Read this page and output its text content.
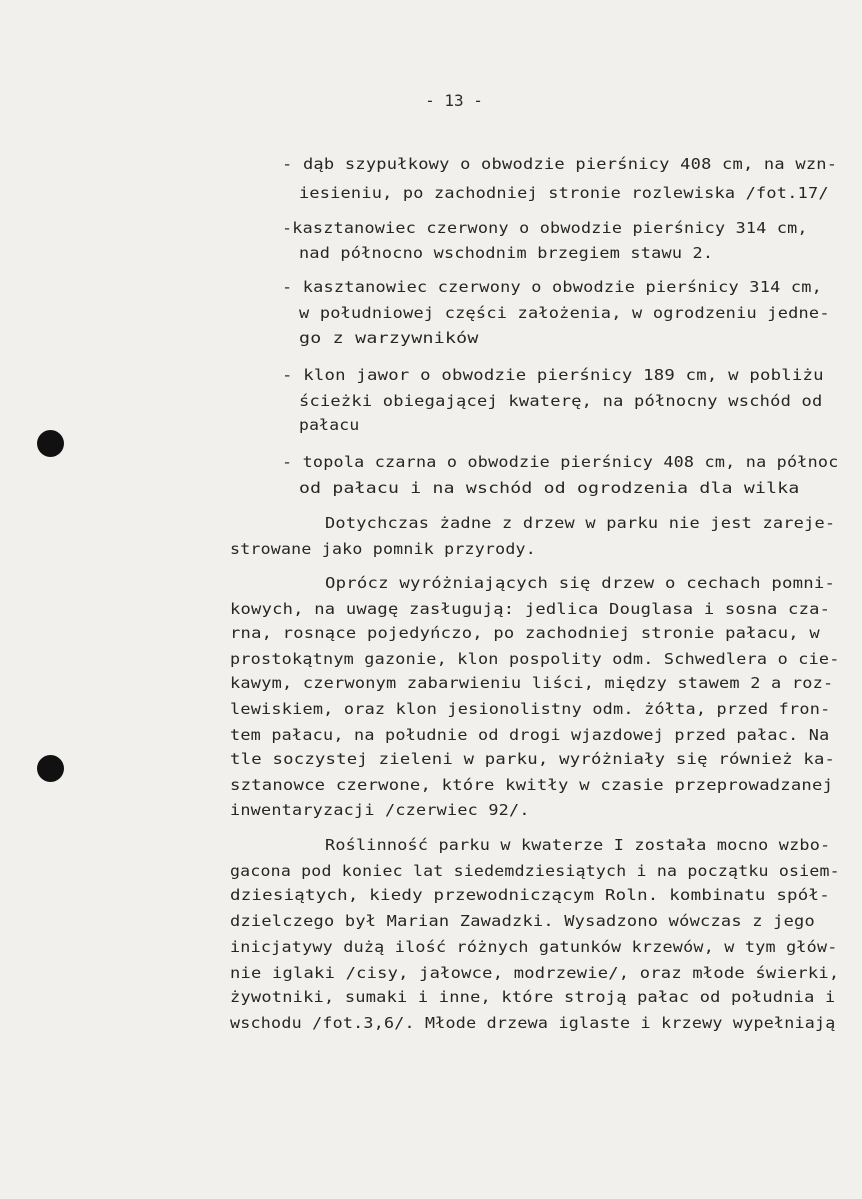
- 13 -
- dąb szypułkowy o obwodzie pierśnicy 408 cm, na wzn-
iesieniu, po zachodniej stronie rozlewiska /fot.17/
-kasztanowiec czerwony o obwodzie pierśnicy 314 cm,
nad północno wschodnim brzegiem stawu 2.
- kasztanowiec czerwony o obwodzie pierśnicy 314 cm,
w południowej części założenia, w ogrodzeniu jedne-
go z warzywników
- klon jawor o obwodzie pierśnicy 189 cm, w pobliżu
ścieżki obiegającej kwaterę, na północny wschód od
pałacu
- topola czarna o obwodzie pierśnicy 408 cm, na północ
od pałacu i na wschód od ogrodzenia dla wilka
Dotychczas żadne z drzew w parku nie jest zareje-
strowane jako pomnik przyrody.
Oprócz wyróżniających się drzew o cechach pomni-
kowych, na uwagę zasługują: jedlica Douglasa i sosna cza-
rna, rosnące pojedyńczo, po zachodniej stronie pałacu, w
prostokątnym gazonie, klon pospolity odm. Schwedlera o cie-
kawym, czerwonym zabarwieniu liści, między stawem 2 a roz-
lewiskiem, oraz klon jesionolistny odm. żółta, przed fron-
tem pałacu, na południe od drogi wjazdowej przed pałac. Na
tle soczystej zieleni w parku, wyróżniały się również ka-
sztanowce czerwone, które kwitły w czasie przeprowadzanej
inwentaryzacji /czerwiec 92/.
Roślinność parku w kwaterze I została mocno wzbo-
gacona pod koniec lat siedemdziesiątych i na początku osiem-
dziesiątych, kiedy przewodniczącym Roln. kombinatu spół-
dzielczego był Marian Zawadzki. Wysadzono wówczas z jego
inicjatywy dużą ilość różnych gatunków krzewów, w tym głów-
nie iglaki /cisy, jałowce, modrzewie/, oraz młode świerki,
żywotniki, sumaki i inne, które stroją pałac od południa i
wschodu /fot.3,6/. Młode drzewa iglaste i krzewy wypełniają
